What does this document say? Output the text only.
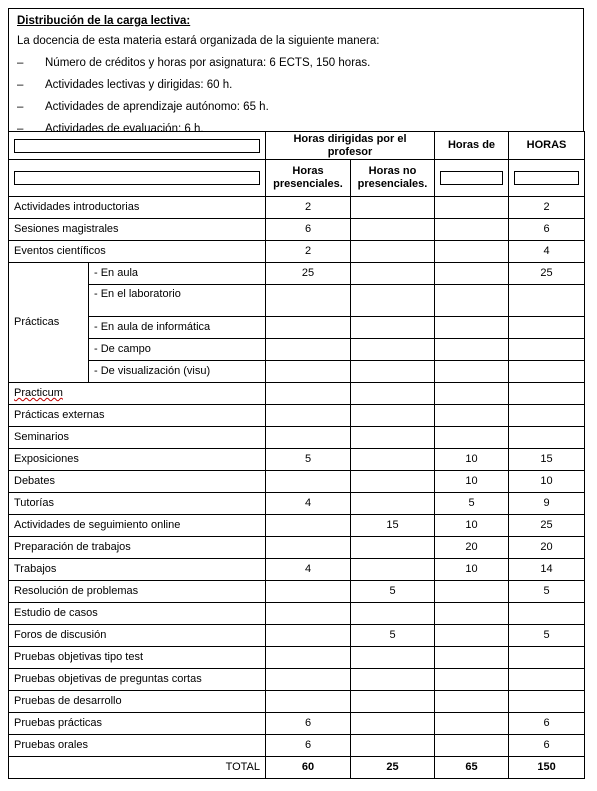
Distribución de la carga lectiva:
La docencia de esta materia estará organizada de la siguiente manera:
–	Número de créditos y horas por asignatura: 6 ECTS, 150 horas.
–	Actividades lectivas y dirigidas: 60 h.
–	Actividades de aprendizaje autónomo: 65 h.
–	Actividades de evaluación: 6 h.
		Horas dirigidas por el profesor		Horas de	HORAS

		Horas presenciales.	Horas no presenciales.	

Actividades introductorias		2			2
Sesiones magistrales		6			6
Eventos científicos		2			4
Prácticas	- En aula	25			25
	- En el laboratorio				
	- En aula de informática				
	- De campo				
	- De visualización (visu)				
Practicum					
Prácticas externas					
Seminarios					
Exposiciones		5		10	15
Debates				10	10
Tutorías		4		5	9
Actividades de seguimiento online			15	10	25
Preparación de trabajos				20	20
Trabajos		4		10	14
Resolución de problemas			5		5
Estudio de casos					
Foros de discusión			5		5
Pruebas objetivas tipo test					
Pruebas objetivas de preguntas cortas					
Pruebas de desarrollo					
Pruebas prácticas		6			6
Pruebas orales		6			6
TOTAL		60	25	65	150
